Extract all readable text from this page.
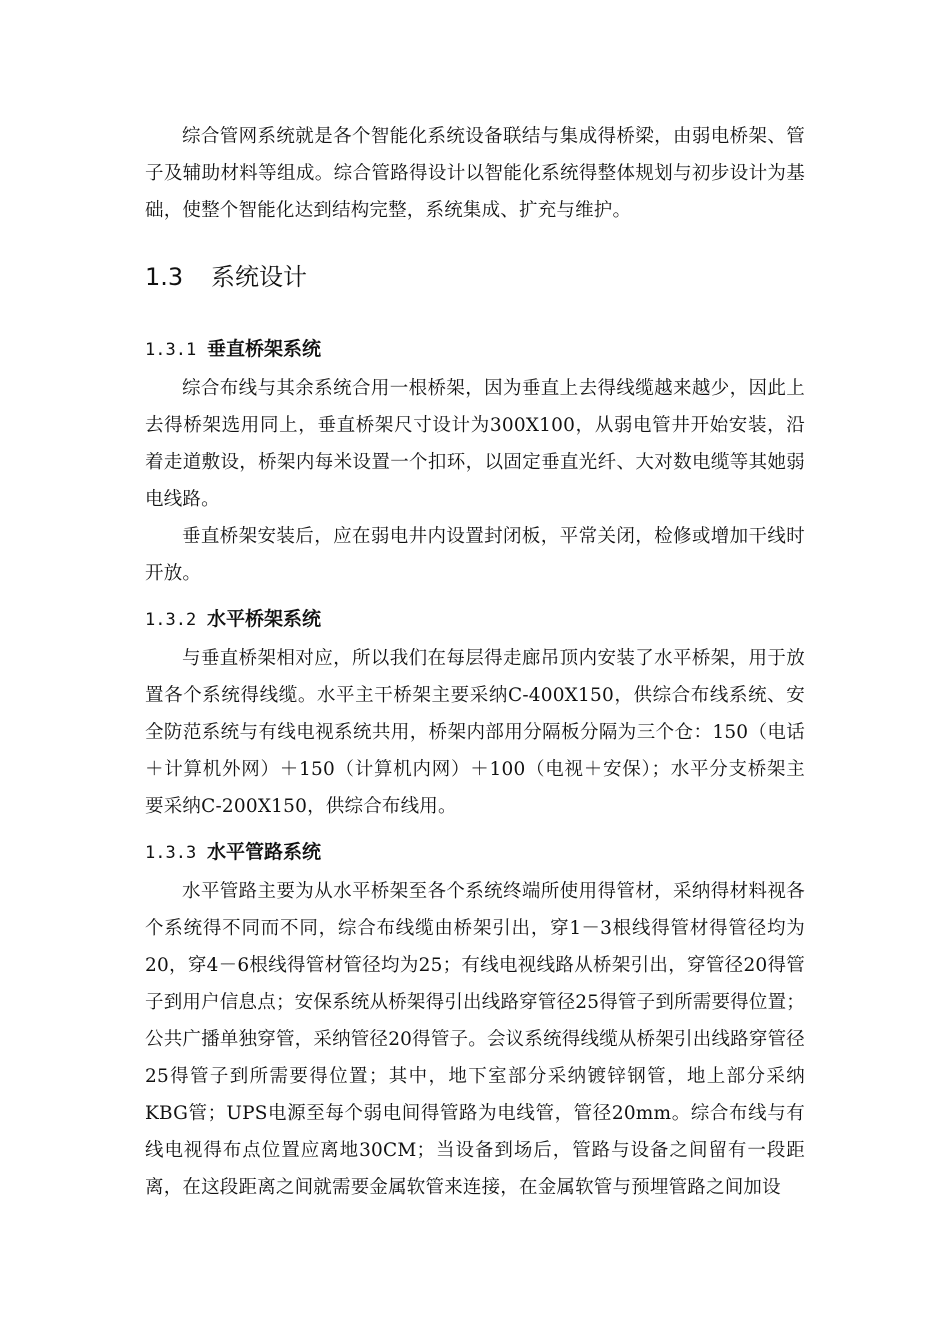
综合管网系统就是各个智能化系统设备联结与集成得桥梁，由弱电桥架、管子及辅助材料等组成。综合管路得设计以智能化系统得整体规划与初步设计为基础，使整个智能化达到结构完整，系统集成、扩充与维护。

1.3 系统设计
1.3.1 垂直桥架系统

综合布线与其余系统合用一根桥架，因为垂直上去得线缆越来越少，因此上去得桥架选用同上，垂直桥架尺寸设计为300X100，从弱电管井开始安装，沿着走道敷设，桥架内每米设置一个扣环，以固定垂直光纤、大对数电缆等其她弱电线路。

垂直桥架安装后，应在弱电井内设置封闭板，平常关闭，检修或增加干线时开放。

1.3.2 水平桥架系统

与垂直桥架相对应，所以我们在每层得走廊吊顶内安装了水平桥架，用于放置各个系统得线缆。水平主干桥架主要采纳C-400X150，供综合布线系统、安全防范系统与有线电视系统共用，桥架内部用分隔板分隔为三个仓：150（电话＋计算机外网）＋150（计算机内网）＋100（电视＋安保）；水平分支桥架主要采纳C-200X150，供综合布线用。

1.3.3 水平管路系统

水平管路主要为从水平桥架至各个系统终端所使用得管材，采纳得材料视各个系统得不同而不同，综合布线缆由桥架引出，穿1－3根线得管材得管径均为20，穿4－6根线得管材管径均为25；有线电视线路从桥架引出，穿管径20得管子到用户信息点；安保系统从桥架得引出线路穿管径25得管子到所需要得位置；公共广播单独穿管，采纳管径20得管子。会议系统得线缆从桥架引出线路穿管径25得管子到所需要得位置；其中，地下室部分采纳镀锌钢管，地上部分采纳KBG管；UPS电源至每个弱电间得管路为电线管，管径20mm。综合布线与有线电视得布点位置应离地30CM；当设备到场后，管路与设备之间留有一段距离，在这段距离之间就需要金属软管来连接，在金属软管与预埋管路之间加设
